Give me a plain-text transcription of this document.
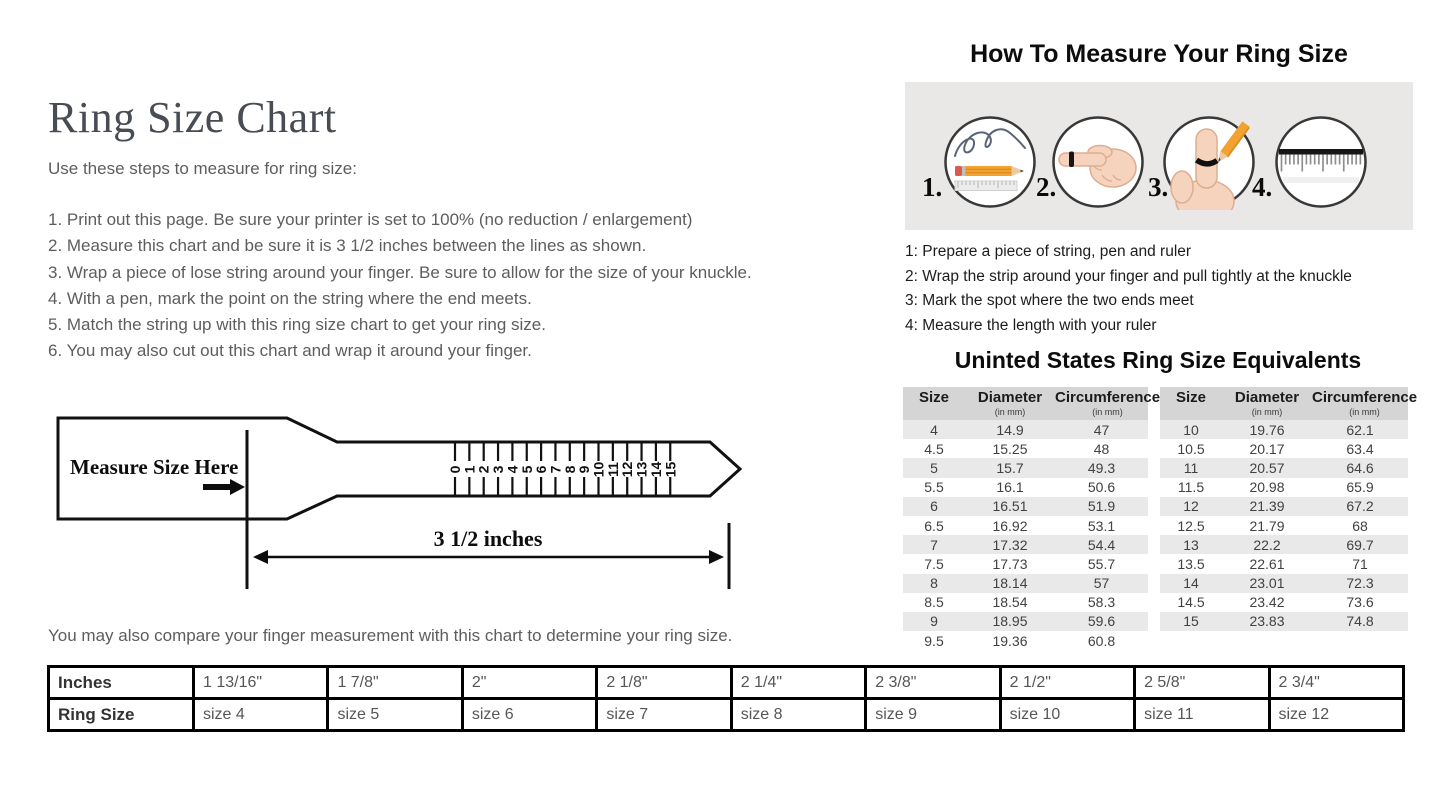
Ring Size Chart

Use these steps to measure for ring size:

1. Print out this page. Be sure your printer is set to 100% (no reduction / enlargement)
2. Measure this chart and be sure it is 3 1/2 inches between the lines as shown.
3. Wrap a piece of lose string around your finger. Be sure to allow for the size of your knuckle.
4. With a pen, mark the point on the string where the end meets.
5. Match the string up with this ring size chart to get your ring size.
6. You may also cut out this chart and wrap it around your finger.
Measure Size Here	0
1
2
3
4
5
6
7
8
9
10
11
12
13
14
15
3 1/2 inches

You may also compare your finger measurement with this chart to determine your ring size.

Inches	1 13/16"	1 7/8"	2"	2 1/8"	2 1/4"	2 3/8"	2 1/2"	2 5/8"	2 3/4"
Ring Size	size 4	size 5	size 6	size 7	size 8	size 9	size 10	size 11	size 12
How To Measure Your Ring Size
1.	2.	3.	4.
1: Prepare a piece of string, pen and ruler
2: Wrap the strip around your finger and pull tightly at the knuckle
3: Mark the spot where the two ends meet
4: Measure the length with your ruler
Uninted States Ring Size Equivalents
Size	Diameter
(in mm)
Circumference
(in mm)
4	14.9	47
4.5	15.25	48
5	15.7	49.3
5.5	16.1	50.6
6	16.51	51.9
6.5	16.92	53.1
7	17.32	54.4
7.5	17.73	55.7
8	18.14	57
8.5	18.54	58.3
9	18.95	59.6
9.5	19.36	60.8
Size	Diameter
(in mm)
Circumference
(in mm)
10	19.76	62.1
10.5	20.17	63.4
11	20.57	64.6
11.5	20.98	65.9
12	21.39	67.2
12.5	21.79	68
13	22.2	69.7
13.5	22.61	71
14	23.01	72.3
14.5	23.42	73.6
15	23.83	74.8
